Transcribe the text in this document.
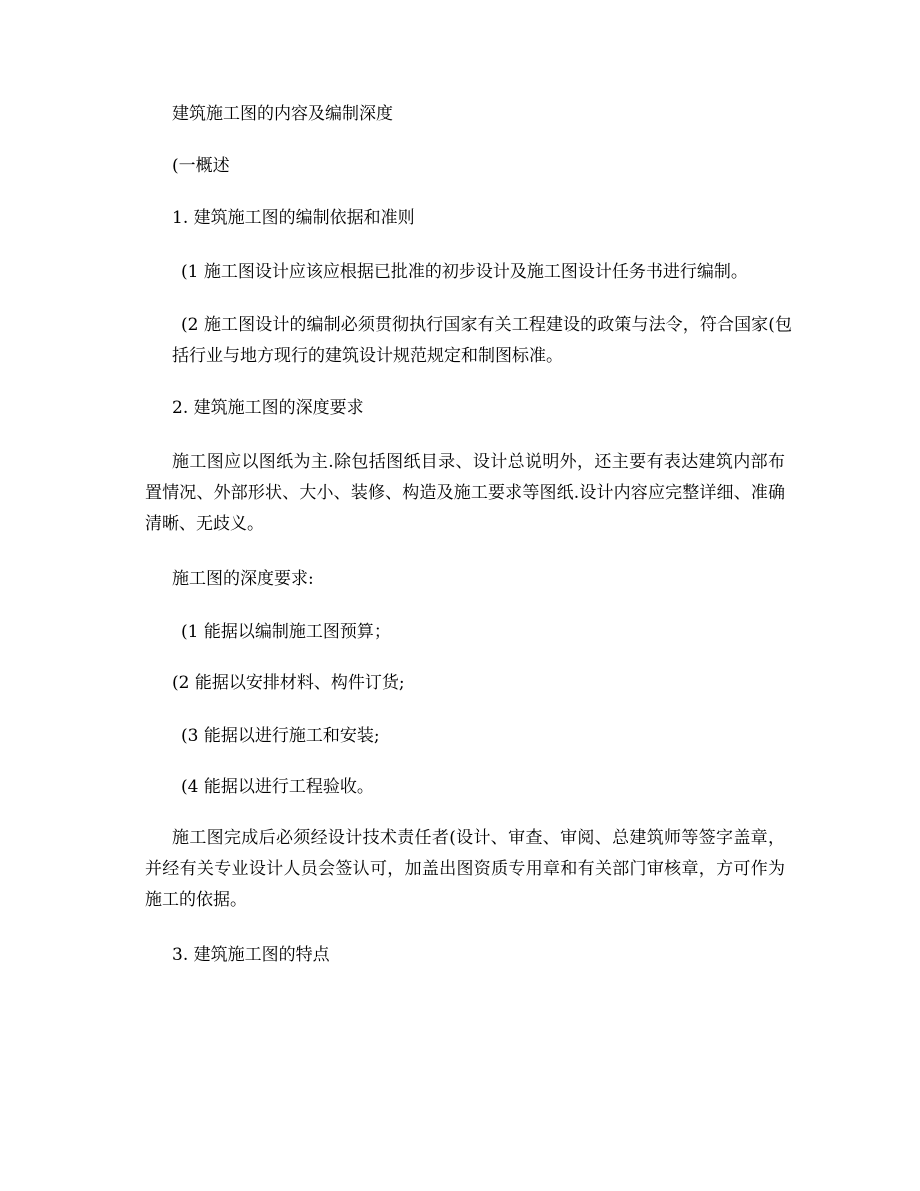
建筑施工图的内容及编制深度

(一概述

1. 建筑施工图的编制依据和准则

(1 施工图设计应该应根据已批准的初步设计及施工图设计任务书进行编制。

(2 施工图设计的编制必须贯彻执行国家有关工程建设的政策与法令，符合国家(包括行业与地方现行的建筑设计规范规定和制图标准。

2. 建筑施工图的深度要求

施工图应以图纸为主.除包括图纸目录、设计总说明外，还主要有表达建筑内部布置情况、外部形状、大小、装修、构造及施工要求等图纸.设计内容应完整详细、准确清晰、无歧义。

施工图的深度要求:

(1 能据以编制施工图预算；

(2 能据以安排材料、构件订货;

(3 能据以进行施工和安装;

(4 能据以进行工程验收。

施工图完成后必须经设计技术责任者(设计、审查、审阅、总建筑师等签字盖章，并经有关专业设计人员会签认可，加盖出图资质专用章和有关部门审核章，方可作为施工的依据。

3. 建筑施工图的特点
